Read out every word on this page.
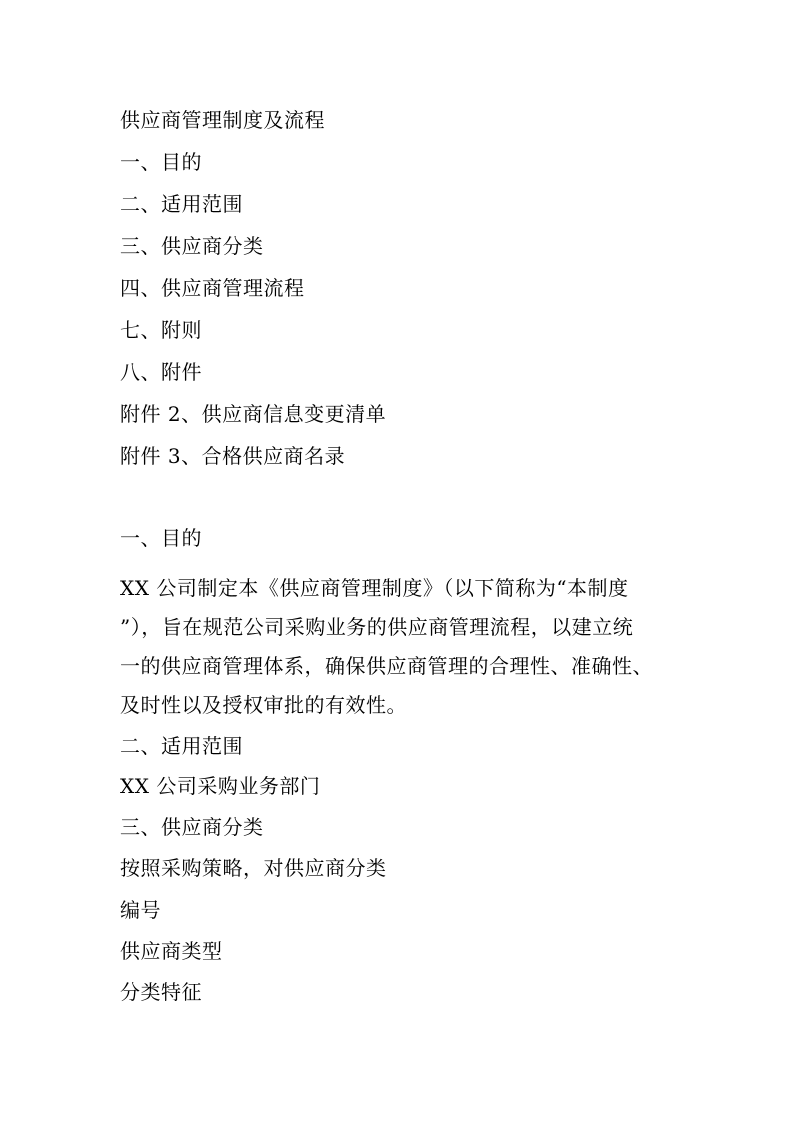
供应商管理制度及流程
一、目的
二、适用范围
三、供应商分类
四、供应商管理流程
七、附则
八、附件
附件 2、供应商信息变更清单
附件 3、合格供应商名录
一、目的
XX 公司制定本《供应商管理制度》（以下简称为“本制度
”），旨在规范公司采购业务的供应商管理流程，以建立统
一的供应商管理体系，确保供应商管理的合理性、准确性、
及时性以及授权审批的有效性。
二、适用范围
XX 公司采购业务部门
三、供应商分类
按照采购策略，对供应商分类
编号
供应商类型
分类特征
